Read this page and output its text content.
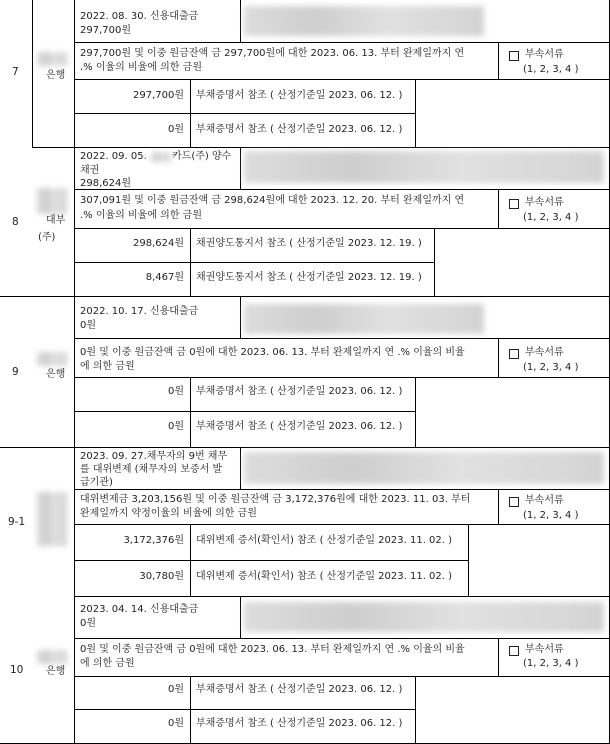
7	은행
2022. 08. 30. 신용대출금
297,700원
297,700원 및 이중 원금잔액 금 297,700원에 대한 2023. 06. 13. 부터 완제일까지 연
.% 이율의 비율에 의한 금원
부속서류
(1, 2, 3, 4 )
297,700원 부채증명서 참조 ( 산정기준일 2023. 06. 12. )
0원 부채증명서 참조 ( 산정기준일 2023. 06. 12. )
8	대부
(주)
2022. 09. 05.	카드(주) 양수
채권
298,624원
307,091원 및 이중 원금잔액 금 298,624원에 대한 2023. 12. 20. 부터 완제일까지 연
.% 이율의 비율에 의한 금원
부속서류
(1, 2, 3, 4 )
298,624원 채권양도통지서 참조 ( 산정기준일 2023. 12. 19. )
8,467원 채권양도통지서 참조 ( 산정기준일 2023. 12. 19. )
9	은행
2022. 10. 17. 신용대출금
0원
0원 및 이중 원금잔액 금 0원에 대한 2023. 06. 13. 부터 완제일까지 연 .% 이율의 비율
에 의한 금원
부속서류
(1, 2, 3, 4 )
0원 부채증명서 참조 ( 산정기준일 2023. 06. 12. )
0원 부채증명서 참조 ( 산정기준일 2023. 06. 12. )
9-1
2023. 09. 27.채무자의 9번 채무
를 대위변제 (채무자의 보증서 발
급기관)
대위변제금 3,203,156원 및 이중 원금잔액 금 3,172,376원에 대한 2023. 11. 03. 부터
완제일까지 약정이율의 비율에 의한 금원
부속서류
(1, 2, 3, 4 )
3,172,376원 대위변제 증서(확인서) 참조 ( 산정기준일 2023. 11. 02. )
30,780원 대위변제 증서(확인서) 참조 ( 산정기준일 2023. 11. 02. )
10 은행
2023. 04. 14. 신용대출금
0원
0원 및 이중 원금잔액 금 0원에 대한 2023. 06. 13. 부터 완제일까지 연 .% 이율의 비율
에 의한 금원
부속서류
(1, 2, 3, 4 )
0원 부채증명서 참조 ( 산정기준일 2023. 06. 12. )
0원 부채증명서 참조 ( 산정기준일 2023. 06. 12. )
